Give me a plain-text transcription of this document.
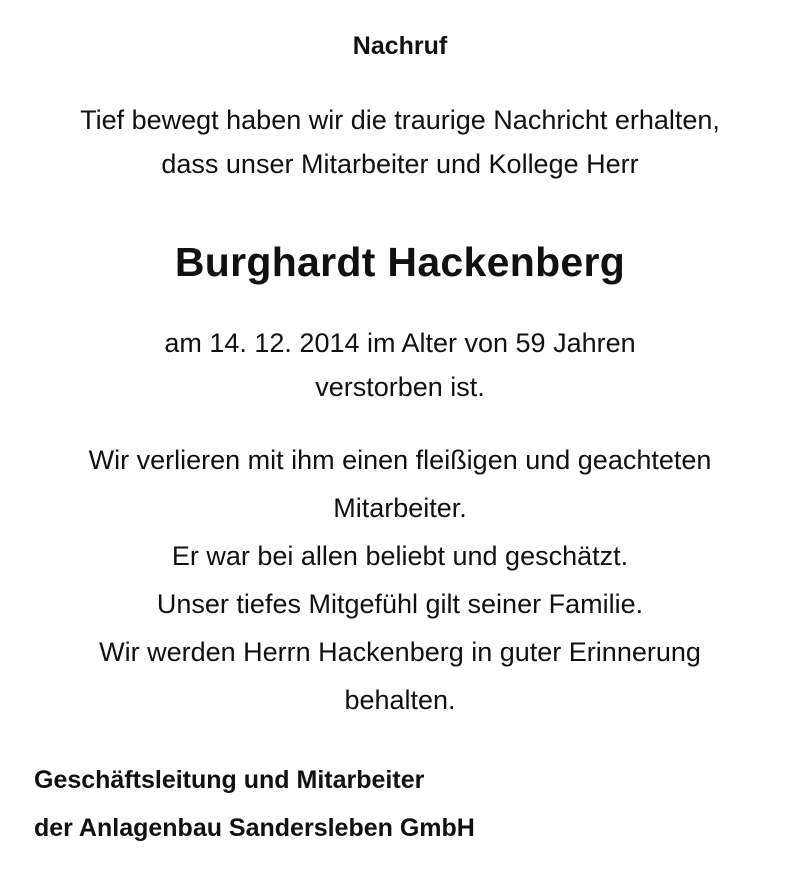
Nachruf
Tief bewegt haben wir die traurige Nachricht erhalten,
dass unser Mitarbeiter und Kollege Herr
Burghardt Hackenberg
am 14. 12. 2014 im Alter von 59 Jahren
verstorben ist.
Wir verlieren mit ihm einen fleißigen und geachteten
Mitarbeiter.
Er war bei allen beliebt und geschätzt.
Unser tiefes Mitgefühl gilt seiner Familie.
Wir werden Herrn Hackenberg in guter Erinnerung
behalten.
Geschäftsleitung und Mitarbeiter
der Anlagenbau Sandersleben GmbH
